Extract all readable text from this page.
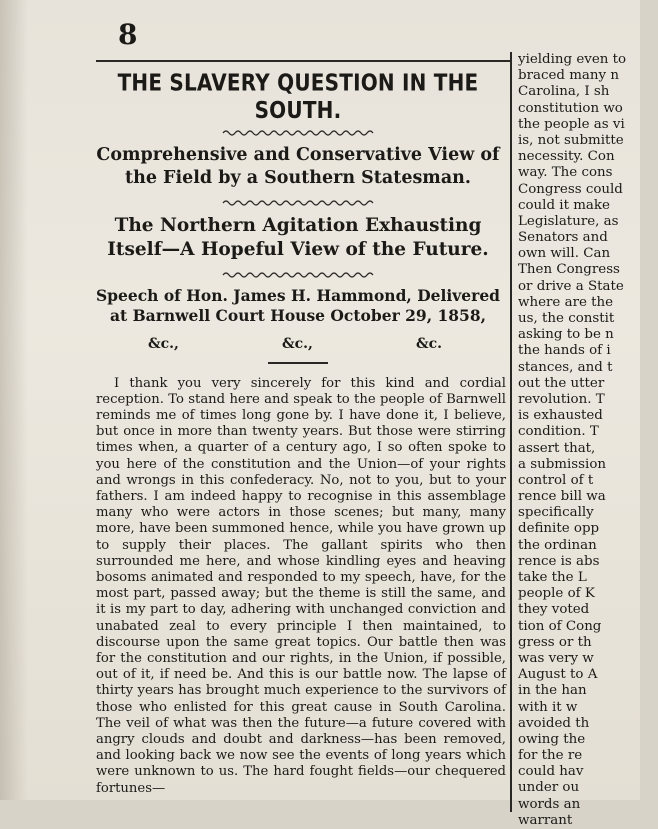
8
THE SLAVERY QUESTION IN THE SOUTH.
Comprehensive and Conservative View of the Field by a Southern Statesman.
The Northern Agitation Exhausting Itself—A Hopeful View of the Future.
Speech of Hon. James H. Hammond, Delivered at Barnwell Court House October 29, 1858,
&c.,	&c.,	&c.

I thank you very sincerely for this kind and cordial reception. To stand here and speak to the people of Barnwell reminds me of times long gone by. I have done it, I believe, but once in more than twenty years. But those were stirring times when, a quarter of a century ago, I so often spoke to you here of the constitution and the Union—of your rights and wrongs in this confederacy. No, not to you, but to your fathers. I am indeed happy to recognise in this assemblage many who were actors in those scenes; but many, many more, have been summoned hence, while you have grown up to supply their places. The gallant spirits who then surrounded me here, and whose kindling eyes and heaving bosoms animated and responded to my speech, have, for the most part, passed away; but the theme is still the same, and it is my part to day, adhering with unchanged conviction and unabated zeal to every principle I then maintained, to discourse upon the same great topics. Our battle then was for the constitution and our rights, in the Union, if possible, out of it, if need be. And this is our battle now. The lapse of thirty years has brought much experience to the survivors of those who enlisted for this great cause in South Carolina. The veil of what was then the future—a future covered with angry clouds and doubt and darkness—has been removed, and looking back we now see the events of long years which were unknown to us. The hard fought fields—our chequered fortunes—

yielding even to
braced many n
Carolina, I sh
constitution wo
the people as vi
is, not submitte
necessity. Con
way. The cons
Congress could
could it make
Legislature, as
Senators and
own will. Can
Then Congress
or drive a State
where are the
us, the constit
asking to be n
the hands of i
stances, and t
out the utter
revolution. T
is exhausted
condition. T
assert that,
a submission
control of t
rence bill wa
specifically
definite opp
the ordinan
rence is abs
take the L
people of K
they voted
tion of Cong
gress or th
was very w
August to A
in the han
with it w
avoided th
owing the
for the re
could hav
under ou
words an
warrant
